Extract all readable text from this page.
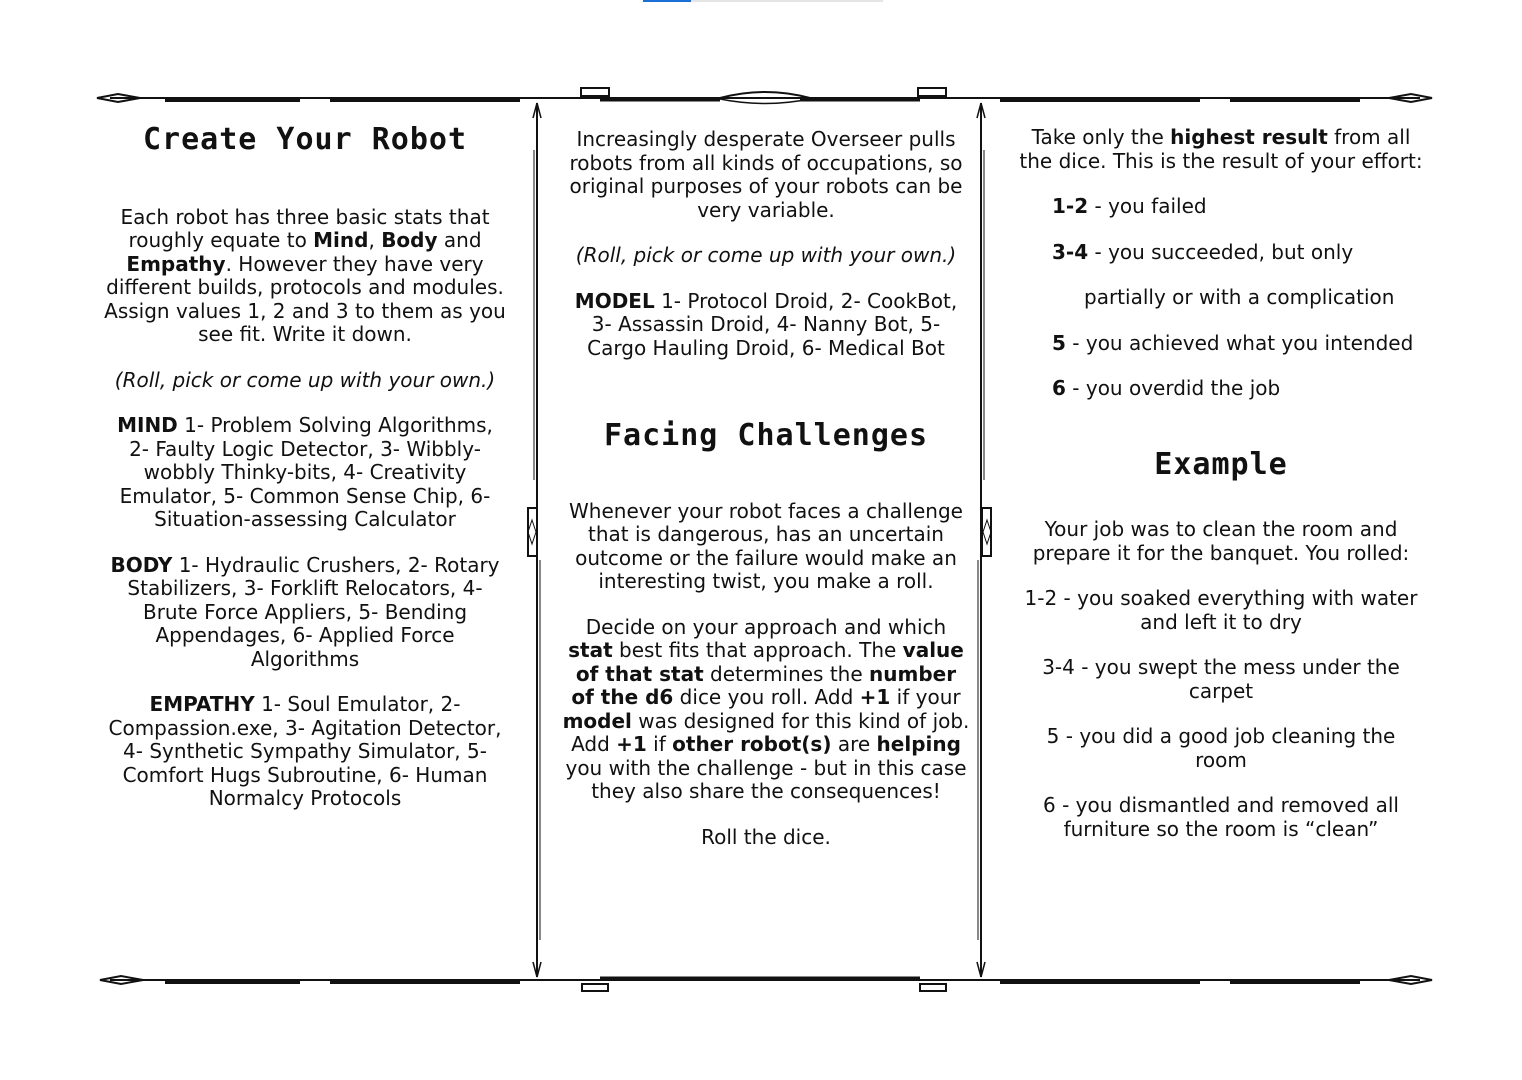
Create Your Robot

Each robot has three basic stats that roughly equate to Mind, Body and Empathy. However they have very different builds, protocols and modules. Assign values 1, 2 and 3 to them as you see fit. Write it down.

(Roll, pick or come up with your own.)

MIND 1- Problem Solving Algorithms, 2- Faulty Logic Detector, 3- Wibbly-wobbly Thinky-bits, 4- Creativity Emulator, 5- Common Sense Chip, 6- Situation-assessing Calculator

BODY 1- Hydraulic Crushers, 2- Rotary Stabilizers, 3- Forklift Relocators, 4- Brute Force Appliers, 5- Bending Appendages, 6- Applied Force Algorithms

EMPATHY 1- Soul Emulator, 2- Compassion.exe, 3- Agitation Detector, 4- Synthetic Sympathy Simulator, 5- Comfort Hugs Subroutine, 6- Human Normalcy Protocols

Increasingly desperate Overseer pulls robots from all kinds of occupations, so original purposes of your robots can be very variable.

(Roll, pick or come up with your own.)

MODEL 1- Protocol Droid, 2- CookBot, 3- Assassin Droid, 4- Nanny Bot, 5- Cargo Hauling Droid, 6- Medical Bot

Facing Challenges

Whenever your robot faces a challenge that is dangerous, has an uncertain outcome or the failure would make an interesting twist, you make a roll.

Decide on your approach and which stat best fits that approach. The value of that stat determines the number of the d6 dice you roll. Add +1 if your model was designed for this kind of job. Add +1 if other robot(s) are helping you with the challenge - but in this case they also share the consequences!

Roll the dice.

Take only the highest result from all the dice. This is the result of your effort:

1-2 - you failed

3-4 - you succeeded, but only

partially or with a complication

5 - you achieved what you intended

6 - you overdid the job

Example

Your job was to clean the room and prepare it for the banquet. You rolled:

1-2 - you soaked everything with water and left it to dry

3-4 - you swept the mess under the carpet

5 - you did a good job cleaning the room

6 - you dismantled and removed all furniture so the room is “clean”
